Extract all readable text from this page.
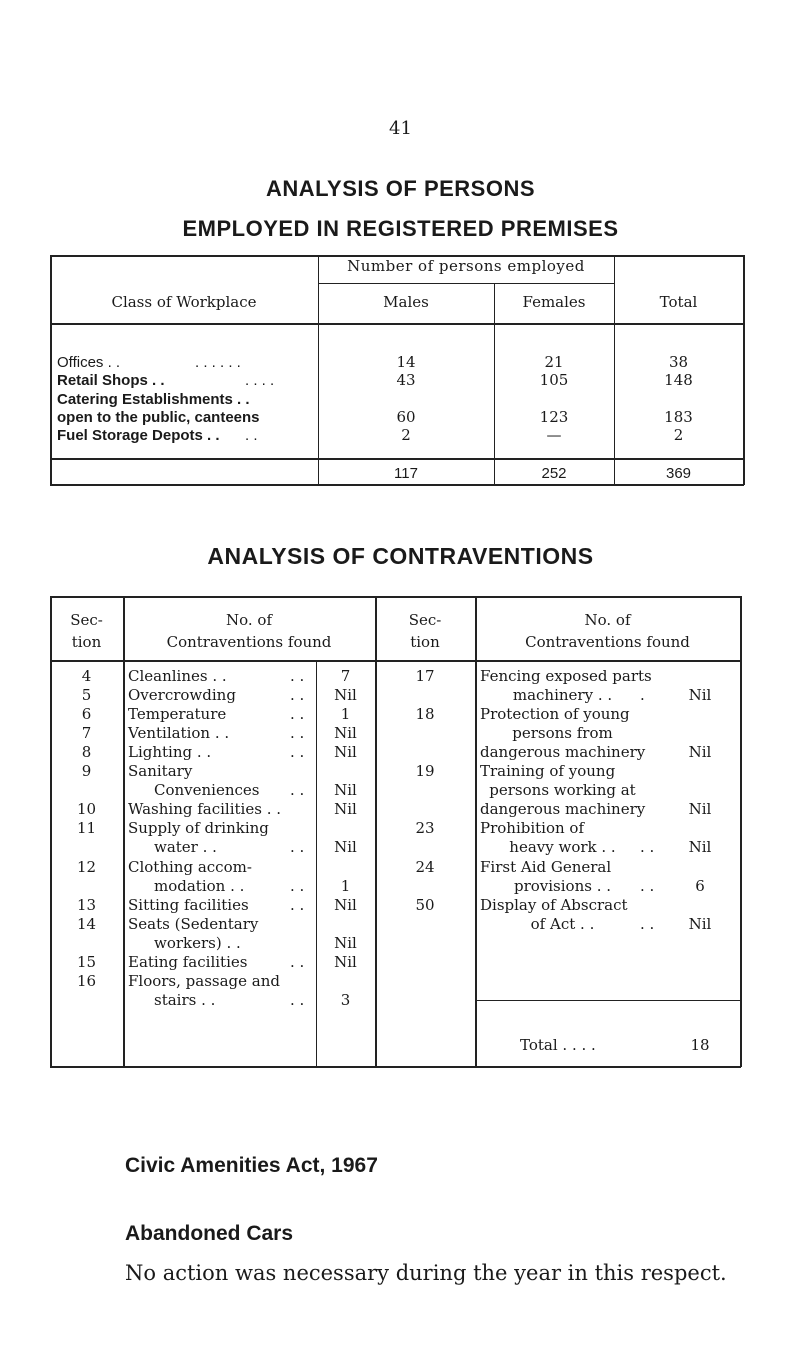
41
ANALYSIS OF PERSONS
EMPLOYED IN REGISTERED PREMISES
Number of persons employed
Class of Workplace	Males	Females	Total
Offices . .	. . . . . .	14	21	38
Retail Shops . .	. . . .	43	105	148
Catering Establishments . .
open to the public, canteens	60	123	183
Fuel Storage Depots . . . .	2	—	2
117	252	369
ANALYSIS OF CONTRAVENTIONS
Sec-
tion
No. of
Contraventions found
Sec-
tion
No. of
Contraventions found
4	Cleanlines . .	. .	7
5	Overcrowding	. .	Nil
6	Temperature	. .	1
7	Ventilation . .	. .	Nil
8	Lighting . .	. .	Nil
9	Sanitary
Conveniences . .	Nil
10	Washing facilities . .	Nil
11	Supply of drinking
water . .	. .	Nil
12	Clothing accom-
modation . .	. .	1
13	Sitting facilities	. .	Nil
14	Seats (Sedentary
workers) . .	Nil
15	Eating facilities	. .	Nil
16	Floors, passage and
stairs . .	. .	3
17	Fencing exposed parts
machinery . .	.	Nil
18	Protection of young
persons from
dangerous machinery	Nil
19	Training of young
persons working at
dangerous machinery	Nil
23	Prohibition of
heavy work . .	. .	Nil
24	First Aid General
provisions . .	. .	6
50	Display of Abscract
of Act . .	. .	Nil
Total . . . .	18
Civic Amenities Act, 1967
Abandoned Cars
No action was necessary during the year in this respect.
